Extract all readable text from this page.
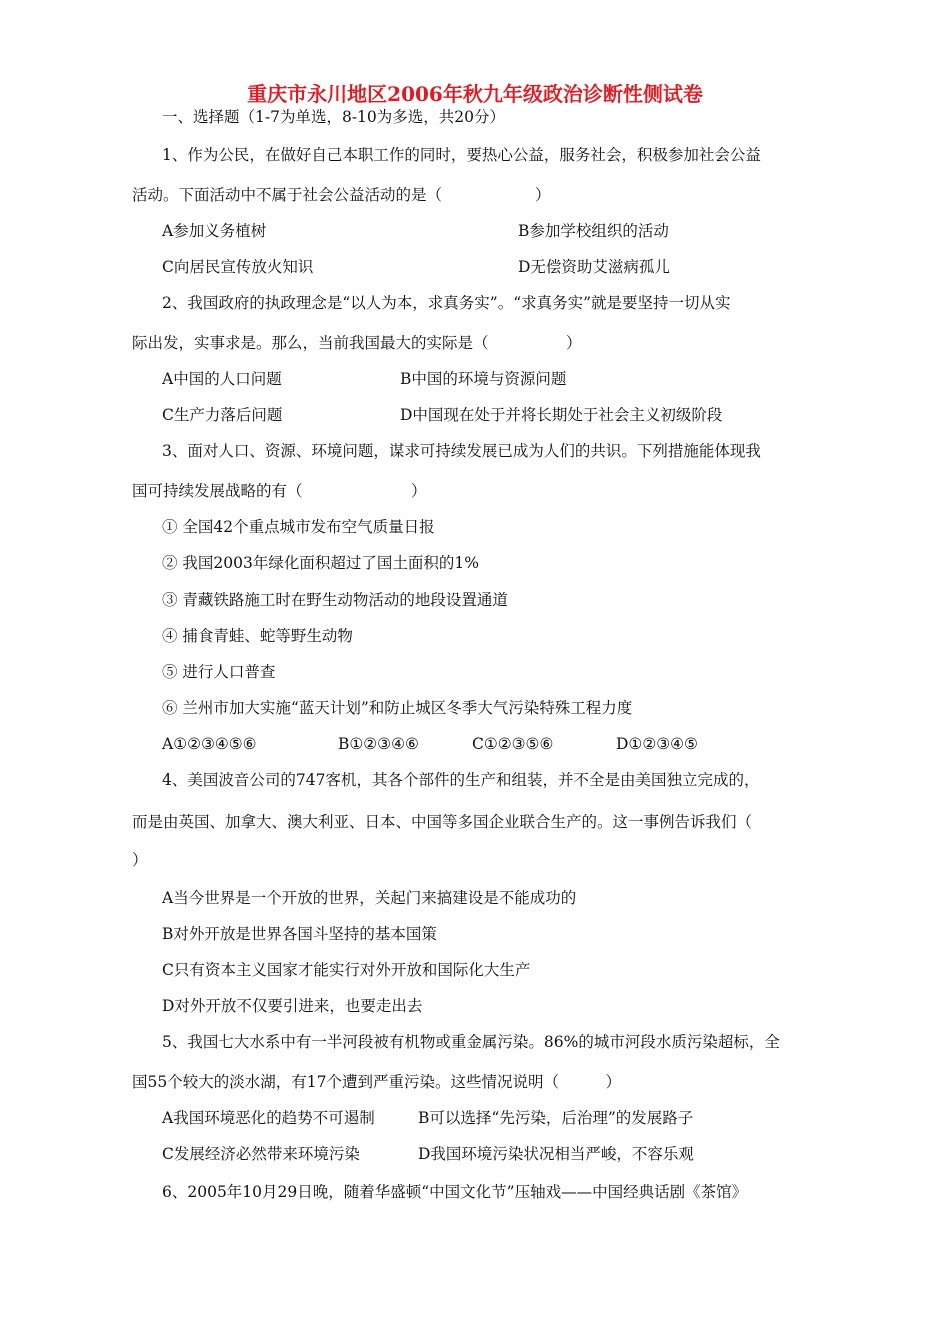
重庆市永川地区2006年秋九年级政治诊断性侧试卷
一、选择题（1-7为单选，8-10为多选，共20分）
1、作为公民，在做好自己本职工作的同时，要热心公益，服务社会，积极参加社会公益
活动。下面活动中不属于社会公益活动的是（　　　　　　）
A参加义务植树	B参加学校组织的活动
C向居民宣传放火知识	D无偿资助艾滋病孤儿
2、我国政府的执政理念是“以人为本，求真务实”。“求真务实”就是要坚持一切从实
际出发，实事求是。那么，当前我国最大的实际是（　　　　　）
A中国的人口问题	B中国的环境与资源问题
C生产力落后问题	D中国现在处于并将长期处于社会主义初级阶段
3、面对人口、资源、环境问题，谋求可持续发展已成为人们的共识。下列措施能体现我
国可持续发展战略的有（　　　　　　　）
① 全国42个重点城市发布空气质量日报
② 我国2003年绿化面积超过了国土面积的1%
③ 青藏铁路施工时在野生动物活动的地段设置通道
④ 捕食青蛙、蛇等野生动物
⑤ 进行人口普查
⑥ 兰州市加大实施“蓝天计划”和防止城区冬季大气污染特殊工程力度
A①②③④⑤⑥	B①②③④⑥	C①②③⑤⑥	D①②③④⑤
4、美国波音公司的747客机，其各个部件的生产和组装，并不全是由美国独立完成的，
而是由英国、加拿大、澳大利亚、日本、中国等多国企业联合生产的。这一事例告诉我们（
）
A当今世界是一个开放的世界，关起门来搞建设是不能成功的
B对外开放是世界各国斗坚持的基本国策
C只有资本主义国家才能实行对外开放和国际化大生产
D对外开放不仅要引进来，也要走出去
5、我国七大水系中有一半河段被有机物或重金属污染。86%的城市河段水质污染超标，全
国55个较大的淡水湖，有17个遭到严重污染。这些情况说明（　　　）
A我国环境恶化的趋势不可遏制	B可以选择“先污染，后治理”的发展路子
C发展经济必然带来环境污染	D我国环境污染状况相当严峻，不容乐观
6、2005年10月29日晚，随着华盛顿“中国文化节”压轴戏——中国经典话剧《茶馆》
